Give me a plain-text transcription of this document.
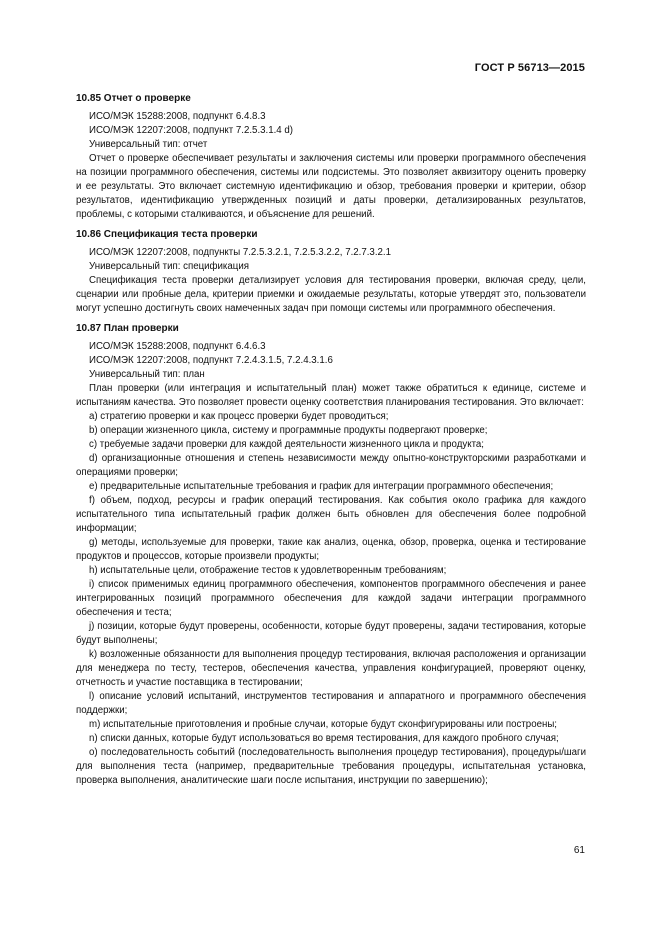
ГОСТ Р 56713—2015
10.85 Отчет о проверке

ИСО/МЭК 15288:2008, подпункт 6.4.8.3

ИСО/МЭК 12207:2008, подпункт 7.2.5.3.1.4 d)

Универсальный тип: отчет

Отчет о проверке обеспечивает результаты и заключения системы или проверки программного обеспечения на позиции программного обеспечения, системы или подсистемы. Это позволяет аквизитору оценить проверку и ее результаты. Это включает системную идентификацию и обзор, требования проверки и критерии, обзор результатов, идентификацию утвержденных позиций и даты проверки, детализированных результатов, проблемы, с которыми сталкиваются, и объяснение для решений.

10.86 Спецификация теста проверки

ИСО/МЭК 12207:2008, подпункты 7.2.5.3.2.1, 7.2.5.3.2.2, 7.2.7.3.2.1

Универсальный тип: спецификация

Спецификация теста проверки детализирует условия для тестирования проверки, включая среду, цели, сценарии или пробные дела, критерии приемки и ожидаемые результаты, которые утвердят это, пользователи могут успешно достигнуть своих намеченных задач при помощи системы или программного обеспечения.

10.87 План проверки

ИСО/МЭК 15288:2008, подпункт 6.4.6.3

ИСО/МЭК 12207:2008, подпункт 7.2.4.3.1.5, 7.2.4.3.1.6

Универсальный тип: план

План проверки (или интеграция и испытательный план) может также обратиться к единице, системе и испытаниям качества. Это позволяет провести оценку соответствия планирования тестирования. Это включает:

а) стратегию проверки и как процесс проверки будет проводиться;

b) операции жизненного цикла, систему и программные продукты подвергают проверке;

c) требуемые задачи проверки для каждой деятельности жизненного цикла и продукта;

d) организационные отношения и степень независимости между опытно-конструкторскими разработками и операциями проверки;

e) предварительные испытательные требования и график для интеграции программного обеспечения;

f) объем, подход, ресурсы и график операций тестирования. Как события около графика для каждого испытательного типа испытательный график должен быть обновлен для обеспечения более подробной информации;

g) методы, используемые для проверки, такие как анализ, оценка, обзор, проверка, оценка и тестирование продуктов и процессов, которые произвели продукты;

h) испытательные цели, отображение тестов к удовлетворенным требованиям;

i) список применимых единиц программного обеспечения, компонентов программного обеспечения и ранее интегрированных позиций программного обеспечения для каждой задачи интеграции программного обеспечения и теста;

j) позиции, которые будут проверены, особенности, которые будут проверены, задачи тестирования, которые будут выполнены;

k) возложенные обязанности для выполнения процедур тестирования, включая расположения и организации для менеджера по тесту, тестеров, обеспечения качества, управления конфигурацией, проверяют оценку, отчетность и участие поставщика в тестировании;

l) описание условий испытаний, инструментов тестирования и аппаратного и программного обеспечения поддержки;

m) испытательные приготовления и пробные случаи, которые будут сконфигурированы или построены;

n) списки данных, которые будут использоваться во время тестирования, для каждого пробного случая;

o) последовательность событий (последовательность выполнения процедур тестирования), процедуры/шаги для выполнения теста (например, предварительные требования процедуры, испытательная установка, проверка выполнения, аналитические шаги после испытания, инструкции по завершению);

61
